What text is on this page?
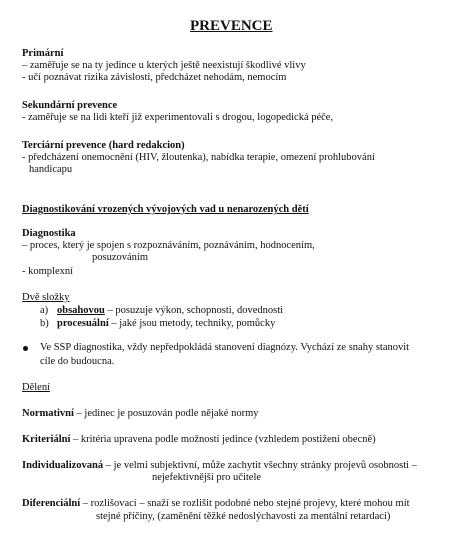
PREVENCE
Primární
– zaměřuje se na ty jedince u kterých ještě neexistují škodlivé vlivy
- učí poznávat rizika závislosti, předcházet nehodám, nemocím
Sekundární prevence
- zaměřuje se na lidi kteří již experimentovali s drogou, logopedická péče,
Terciární prevence (hard redakcion)
- předcházení onemocnění (HIV, žloutenka), nabídka terapie, omezení prohlubování
handicapu
Diagnostikování vrozených vývojových vad u nenarozených dětí
Diagnostika
– proces, který je spojen s rozpoznáváním, poznáváním, hodnocením,
posuzováním
- komplexní
Dvě složky
a) obsahovou – posuzuje výkon, schopnosti, dovednosti
b) procesuální – jaké jsou metody, techniky, pomůcky
Ve SSP diagnostika, vždy nepředpokládá stanovení diagnózy. Vychází ze snahy stanovit
cíle do budoucna.
Dělení
Normativní – jedinec je posuzován podle nějaké normy
Kriteriální – kritéria upravena podle možností jedince (vzhledem postižení obecně)
Individualizovaná – je velmi subjektivní, může zachytit všechny stránky projevů osobnosti –
nejefektivnější pro učitele
Diferenciální – rozlišovací – snaží se rozlišit podobné nebo stejné projevy, které mohou mít
stejné příčiny, (zaměnění těžké nedoslýchavosti za mentální retardaci)
